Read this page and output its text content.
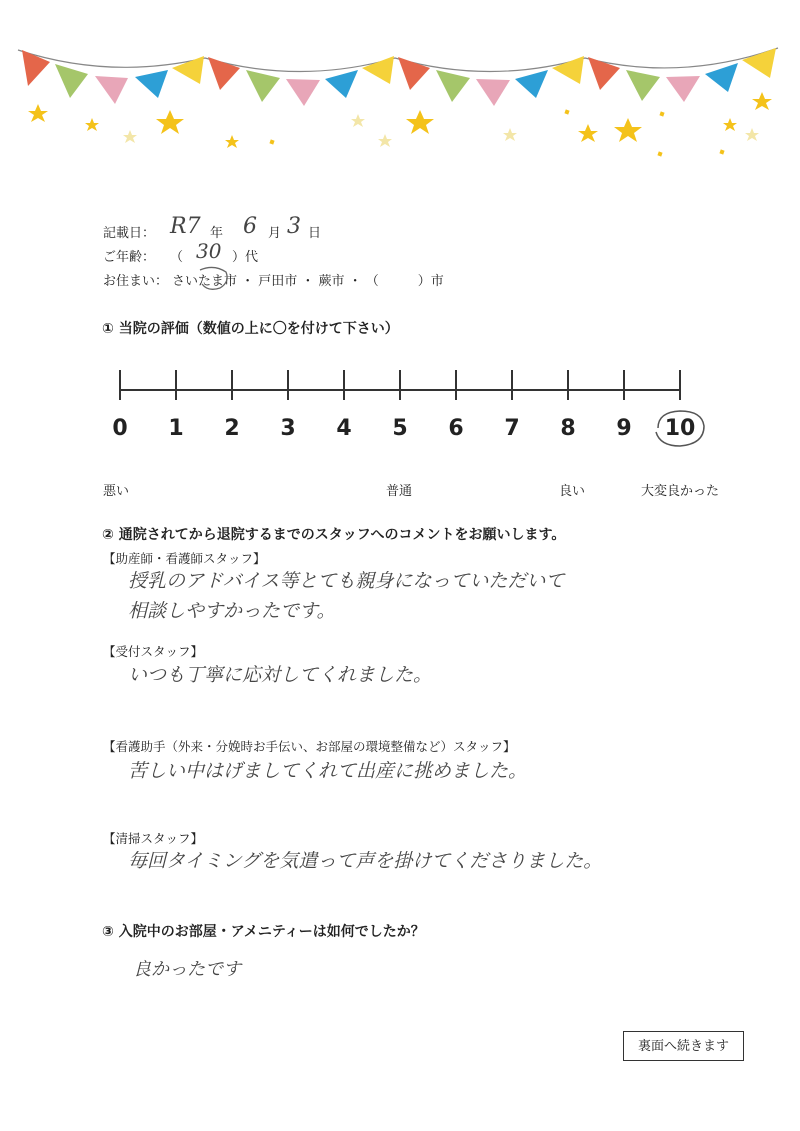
記載日： R7 年 6 月 3 日
ご年齢： （ 30 ）代
お住まい： さいたま市 ・ 戸田市 ・ 蕨市 ・ （　　　）市
① 当院の評価（数値の上に〇を付けて下さい）
0	1	2	3	4	5	6	7	8	9	10
悪い	普通	良い	大変良かった
② 通院されてから退院するまでのスタッフへのコメントをお願いします。
【助産師・看護師スタッフ】
授乳のアドバイス等とても親身になっていただいて
相談しやすかったです。
【受付スタッフ】
いつも丁寧に応対してくれました。
【看護助手（外来・分娩時お手伝い、お部屋の環境整備など）スタッフ】
苦しい中はげましてくれて出産に挑めました。
【清掃スタッフ】
毎回タイミングを気遣って声を掛けてくださりました。
③ 入院中のお部屋・アメニティーは如何でしたか？
良かったです
裏面へ続きます
